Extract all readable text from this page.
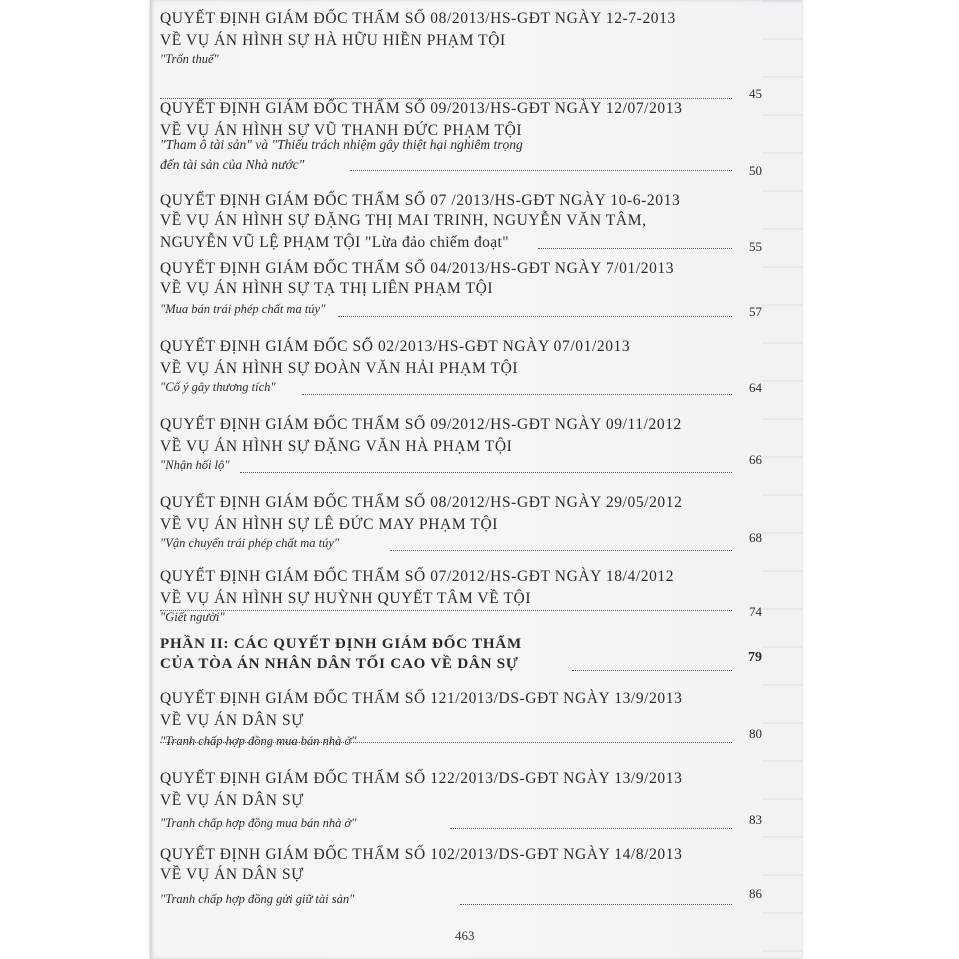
QUYẾT ĐỊNH GIÁM ĐỐC THẨM SỐ 08/2013/HS-GĐT NGÀY 12-7-2013
VỀ VỤ ÁN HÌNH SỰ HÀ HỮU HIỀN PHẠM TỘI
"Trốn thuế"
45
QUYẾT ĐỊNH GIÁM ĐỐC THẨM SỐ 09/2013/HS-GĐT NGÀY 12/07/2013
VỀ VỤ ÁN HÌNH SỰ VŨ THANH ĐỨC PHẠM TỘI
"Tham ô tài sản" và "Thiếu trách nhiệm gây thiệt hại nghiêm trọng
đến tài sản của Nhà nước"	50
QUYẾT ĐỊNH GIÁM ĐỐC THẨM SỐ 07 /2013/HS-GĐT NGÀY 10-6-2013
VỀ VỤ ÁN HÌNH SỰ ĐẶNG THỊ MAI TRINH, NGUYỄN VĂN TÂM,
NGUYỄN VŨ LỆ PHẠM TỘI "Lừa đảo chiếm đoạt"	55
QUYẾT ĐỊNH GIÁM ĐỐC THẨM SỐ 04/2013/HS-GĐT NGÀY 7/01/2013
VỀ VỤ ÁN HÌNH SỰ TẠ THỊ LIÊN PHẠM TỘI
"Mua bán trái phép chất ma túy"	57
QUYẾT ĐỊNH GIÁM ĐỐC SỐ 02/2013/HS-GĐT NGÀY 07/01/2013
VỀ VỤ ÁN HÌNH SỰ ĐOÀN VĂN HẢI PHẠM TỘI
"Cố ý gây thương tích"	64
QUYẾT ĐỊNH GIÁM ĐỐC THẨM SỐ 09/2012/HS-GĐT NGÀY 09/11/2012
VỀ VỤ ÁN HÌNH SỰ ĐẶNG VĂN HÀ PHẠM TỘI
"Nhận hối lộ"	66
QUYẾT ĐỊNH GIÁM ĐỐC THẨM SỐ 08/2012/HS-GĐT NGÀY 29/05/2012
VỀ VỤ ÁN HÌNH SỰ LÊ ĐỨC MAY PHẠM TỘI
"Vận chuyển trái phép chất ma túy"	68
QUYẾT ĐỊNH GIÁM ĐỐC THẨM SỐ 07/2012/HS-GĐT NGÀY 18/4/2012
VỀ VỤ ÁN HÌNH SỰ HUỲNH QUYẾT TÂM VỀ TỘI
"Giết người"	74
PHẦN II: CÁC QUYẾT ĐỊNH GIÁM ĐỐC THẨM
CỦA TÒA ÁN NHÂN DÂN TỐI CAO VỀ DÂN SỰ	79
QUYẾT ĐỊNH GIÁM ĐỐC THẨM SỐ 121/2013/DS-GĐT NGÀY 13/9/2013
VỀ VỤ ÁN DÂN SỰ
"Tranh chấp hợp đồng mua bán nhà ở"	80
QUYẾT ĐỊNH GIÁM ĐỐC THẨM SỐ 122/2013/DS-GĐT NGÀY 13/9/2013
VỀ VỤ ÁN DÂN SỰ
"Tranh chấp hợp đồng mua bán nhà ở"	83
QUYẾT ĐỊNH GIÁM ĐỐC THẨM SỐ 102/2013/DS-GĐT NGÀY 14/8/2013
VỀ VỤ ÁN DÂN SỰ
"Tranh chấp hợp đồng gửi giữ tài sản"	86
463
